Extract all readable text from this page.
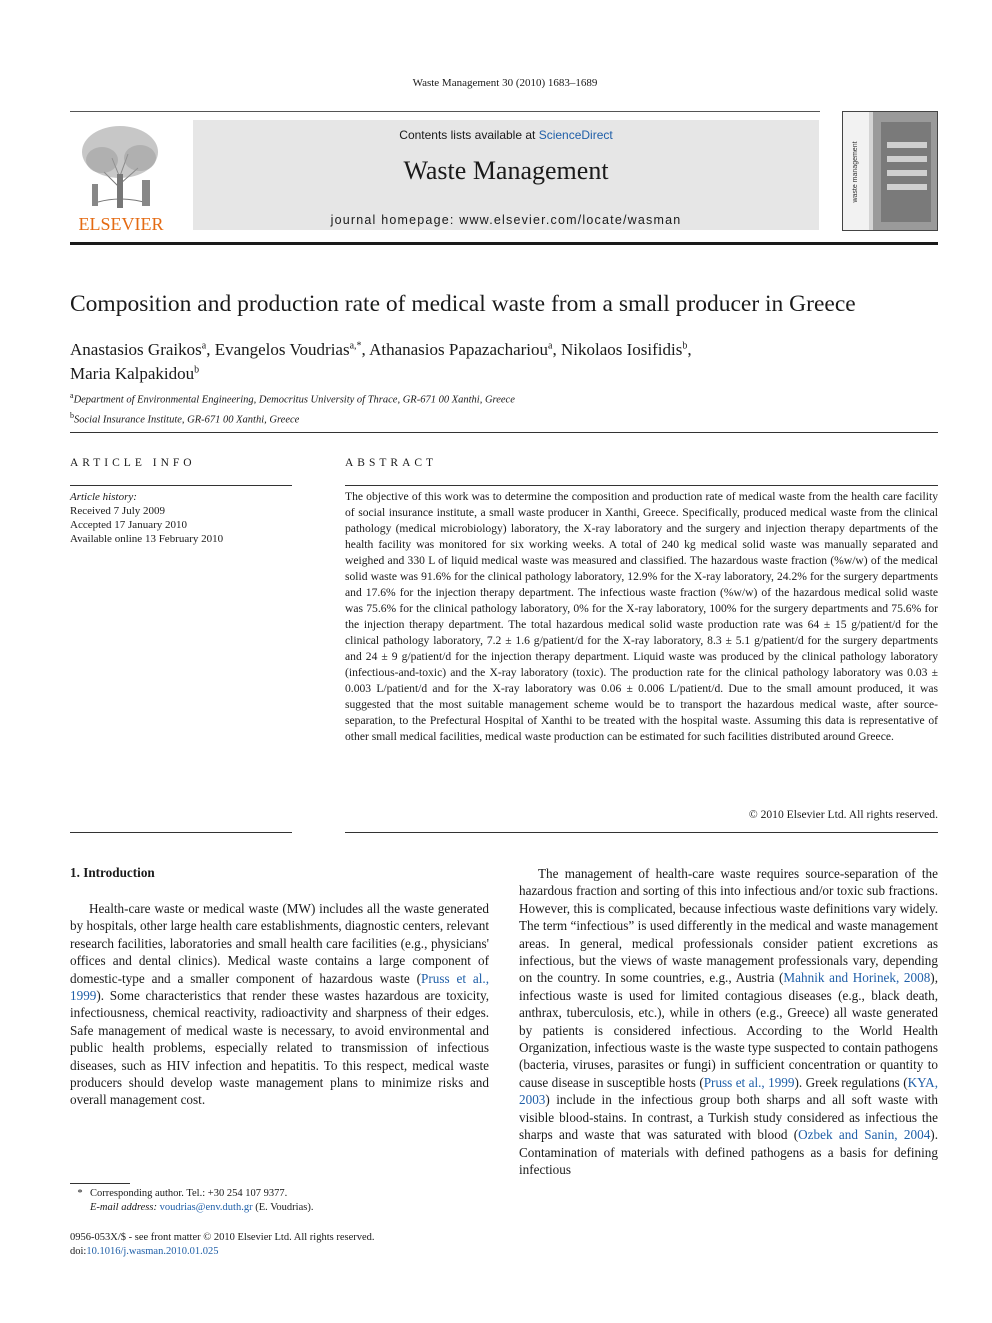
Waste Management 30 (2010) 1683–1689
ELSEVIER
Contents lists available at ScienceDirect
Waste Management
journal homepage: www.elsevier.com/locate/wasman
waste management
Composition and production rate of medical waste from a small producer in Greece
Anastasios Graikos$^a$, Evangelos Voudrias$^{a,*}$, Athanasios Papazachariou$^a$, Nikolaos Iosifidis$^b$,
Maria Kalpakidou$^b$
$^a$Department of Environmental Engineering, Democritus University of Thrace, GR-671 00 Xanthi, Greece
$^b$Social Insurance Institute, GR-671 00 Xanthi, Greece
ARTICLE INFO
Article history:
Received 7 July 2009
Accepted 17 January 2010
Available online 13 February 2010
ABSTRACT
The objective of this work was to determine the composition and production rate of medical waste from the health care facility of social insurance institute, a small waste producer in Xanthi, Greece. Specifically, produced medical waste from the clinical pathology (medical microbiology) laboratory, the X-ray laboratory and the surgery and injection therapy departments of the health facility was monitored for six working weeks. A total of 240 kg medical solid waste was manually separated and weighed and 330 L of liquid medical waste was measured and classified. The hazardous waste fraction (%w/w) of the medical solid waste was 91.6% for the clinical pathology laboratory, 12.9% for the X-ray laboratory, 24.2% for the surgery departments and 17.6% for the injection therapy department. The infectious waste fraction (%w/w) of the hazardous medical solid waste was 75.6% for the clinical pathology laboratory, 0% for the X-ray laboratory, 100% for the surgery departments and 75.6% for the injection therapy department. The total hazardous medical solid waste production rate was 64 ± 15 g/patient/d for the clinical pathology laboratory, 7.2 ± 1.6 g/patient/d for the X-ray laboratory, 8.3 ± 5.1 g/patient/d for the surgery departments and 24 ± 9 g/patient/d for the injection therapy department. Liquid waste was produced by the clinical pathology laboratory (infectious-and-toxic) and the X-ray laboratory (toxic). The production rate for the clinical pathology laboratory was 0.03 ± 0.003 L/patient/d and for the X-ray laboratory was 0.06 ± 0.006 L/patient/d. Due to the small amount produced, it was suggested that the most suitable management scheme would be to transport the hazardous medical waste, after source-separation, to the Prefectural Hospital of Xanthi to be treated with the hospital waste. Assuming this data is representative of other small medical facilities, medical waste production can be estimated for such facilities distributed around Greece.
© 2010 Elsevier Ltd. All rights reserved.
1. Introduction

Health-care waste or medical waste (MW) includes all the waste generated by hospitals, other large health care establishments, diagnostic centers, relevant research facilities, laboratories and small health care facilities (e.g., physicians' offices and dental clinics). Medical waste contains a large component of domestic-type and a smaller component of hazardous waste (Pruss et al., 1999). Some characteristics that render these wastes hazardous are toxicity, infectiousness, chemical reactivity, radioactivity and sharpness of their edges. Safe management of medical waste is necessary, to avoid environmental and public health problems, especially related to transmission of infectious diseases, such as HIV infection and hepatitis. To this respect, medical waste producers should develop waste management plans to minimize risks and overall management cost.

The management of health-care waste requires source-separation of the hazardous fraction and sorting of this into infectious and/or toxic sub fractions. However, this is complicated, because infectious waste definitions vary widely. The term “infectious” is used differently in the medical and waste management areas. In general, medical professionals consider patient excretions as infectious, but the views of waste management professionals vary, depending on the country. In some countries, e.g., Austria (Mahnik and Horinek, 2008), infectious waste is used for limited contagious diseases (e.g., black death, anthrax, tuberculosis, etc.), while in others (e.g., Greece) all waste generated by patients is considered infectious. According to the World Health Organization, infectious waste is the waste type suspected to contain pathogens (bacteria, viruses, parasites or fungi) in sufficient concentration or quantity to cause disease in susceptible hosts (Pruss et al., 1999). Greek regulations (KYA, 2003) include in the infectious group both sharps and all soft waste with visible blood-stains. In contrast, a Turkish study considered as infectious the sharps and waste that was saturated with blood (Ozbek and Sanin, 2004). Contamination of materials with defined pathogens as a basis for defining infectious

* Corresponding author. Tel.: +30 254 107 9377.
E-mail address: voudrias@env.duth.gr (E. Voudrias).
0956-053X/$ - see front matter © 2010 Elsevier Ltd. All rights reserved.
doi:10.1016/j.wasman.2010.01.025
